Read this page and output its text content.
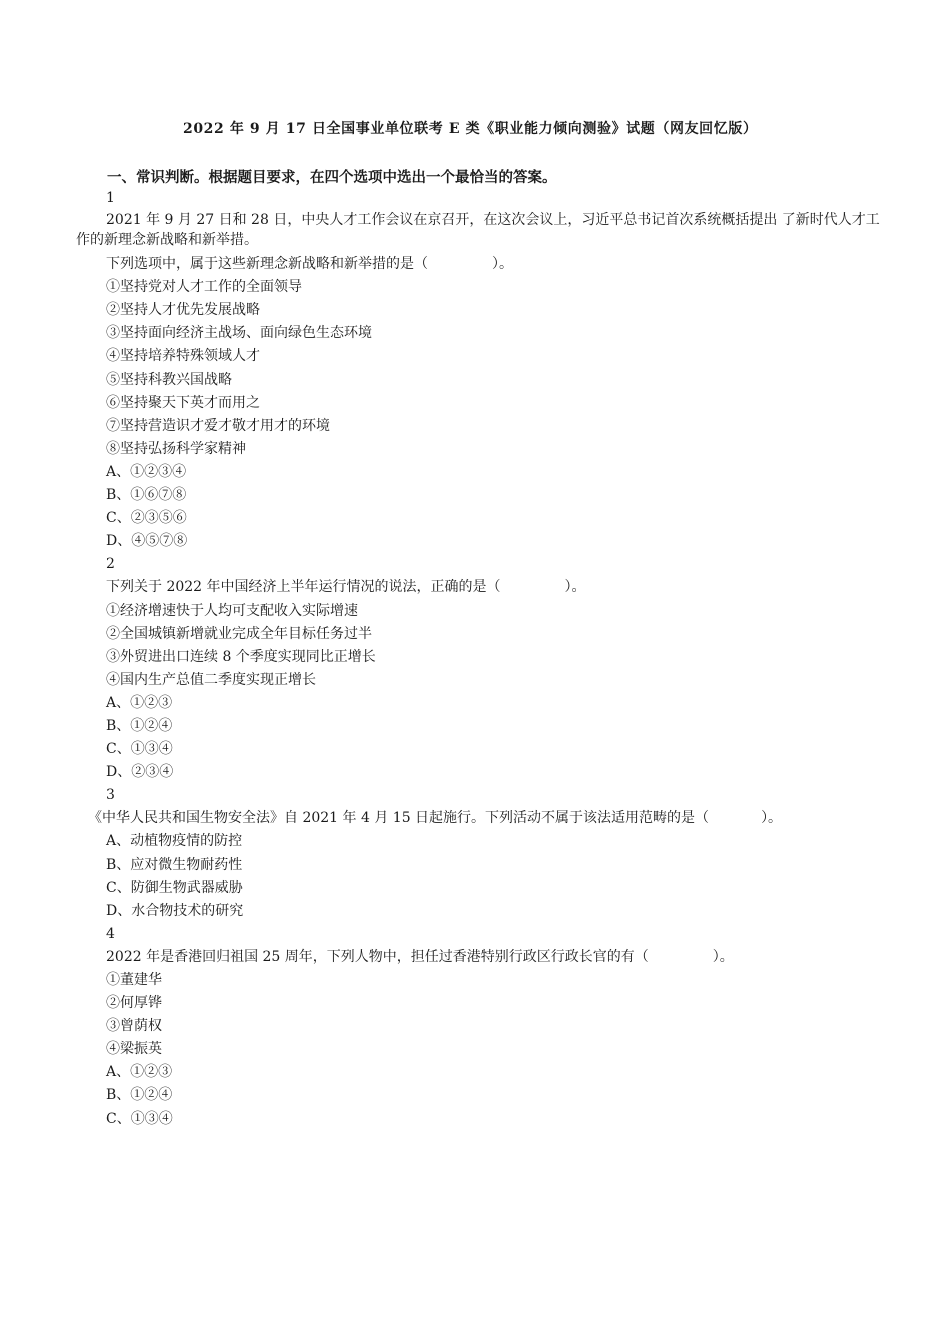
2022 年 9 月 17 日全国事业单位联考 E 类《职业能力倾向测验》试题（网友回忆版）
一、常识判断。根据题目要求，在四个选项中选出一个最恰当的答案。
1
2021 年 9 月 27 日和 28 日，中央人才工作会议在京召开，在这次会议上，习近平总书记首次系统概括提出 了新时代人才工作的新理念新战略和新举措。
下列选项中，属于这些新理念新战略和新举措的是（	）。
①坚持党对人才工作的全面领导
②坚持人才优先发展战略
③坚持面向经济主战场、面向绿色生态环境
④坚持培养特殊领域人才
⑤坚持科教兴国战略
⑥坚持聚天下英才而用之
⑦坚持营造识才爱才敬才用才的环境
⑧坚持弘扬科学家精神
A、①②③④
B、①⑥⑦⑧
C、②③⑤⑥
D、④⑤⑦⑧
2
下列关于 2022 年中国经济上半年运行情况的说法，正确的是（	）。
①经济增速快于人均可支配收入实际增速
②全国城镇新增就业完成全年目标任务过半
③外贸进出口连续 8 个季度实现同比正增长
④国内生产总值二季度实现正增长
A、①②③
B、①②④
C、①③④
D、②③④
3
《中华人民共和国生物安全法》自 2021 年 4 月 15 日起施行。下列活动不属于该法适用范畴的是（	）。
A、动植物疫情的防控
B、应对微生物耐药性
C、防御生物武器威胁
D、水合物技术的研究
4
2022 年是香港回归祖国 25 周年，下列人物中，担任过香港特别行政区行政长官的有（	）。
①董建华
②何厚铧
③曾荫权
④梁振英
A、①②③
B、①②④
C、①③④
